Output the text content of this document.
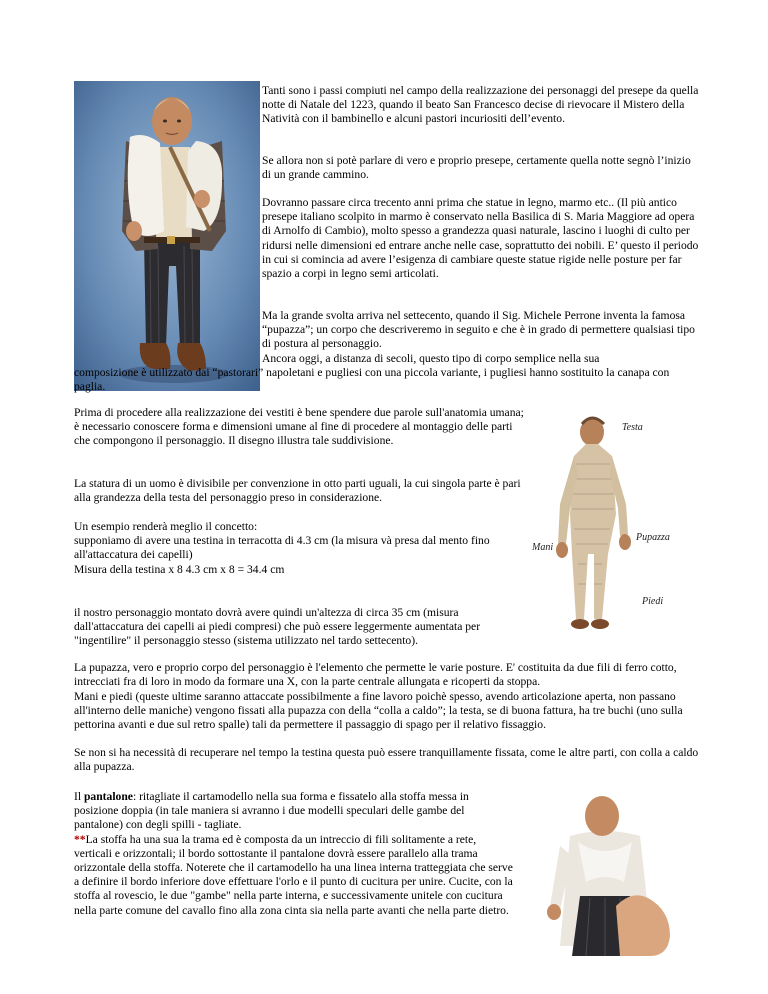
Tanti sono i passi compiuti nel campo della realizzazione dei personaggi del presepe da quella notte di Natale del 1223, quando il beato San Francesco decise di rievocare il Mistero della Natività con il bambinello e alcuni pastori incuriositi dell’evento.

Se allora non si potè parlare di vero e proprio presepe, certamente quella notte segnò l’inizio di un grande cammino.

Dovranno passare circa trecento anni prima che statue in legno, marmo etc.. (Il più antico presepe italiano scolpito in marmo è conservato nella Basilica di S. Maria Maggiore ad opera di Arnolfo di Cambio), molto spesso a grandezza quasi naturale, lascino i luoghi di culto per ridursi nelle dimensioni ed entrare anche nelle case, soprattutto dei nobili. E’ questo il periodo in cui si comincia ad avere l’esigenza di cambiare queste statue rigide nelle posture per far spazio a corpi in legno semi articolati.

Ma la grande svolta arriva nel settecento, quando il Sig. Michele Perrone inventa la famosa “pupazza”; un corpo che descriveremo in seguito e che è in grado di permettere qualsiasi tipo di postura al personaggio.

Ancora oggi, a distanza di secoli, questo tipo di corpo semplice nella sua

composizione è utilizzato dai “pastorari” napoletani e pugliesi con una piccola variante, i pugliesi hanno sostituito la canapa con paglia.

Prima di procedere alla realizzazione dei vestiti è bene spendere due parole sull'anatomia umana; è necessario conoscere forma e dimensioni umane al fine di procedere al montaggio delle parti che compongono il personaggio. Il disegno illustra tale suddivisione.

La statura di un uomo è divisibile per convenzione in otto parti uguali, la cui singola parte è pari alla grandezza della testa del personaggio preso in considerazione.

Un esempio renderà meglio il concetto:
supponiamo di avere una testina in terracotta di 4.3 cm (la misura và presa dal mento fino all'attaccatura dei capelli)
Misura della testina x 8 4.3 cm x 8 = 34.4 cm

il nostro personaggio montato dovrà avere quindi un'altezza di circa 35 cm (misura dall'attaccatura dei capelli ai piedi compresi) che può essere leggermente aumentata per "ingentilire" il personaggio stesso (sistema utilizzato nel tardo settecento).

Testa
Mani
Pupazza
Piedi

La pupazza, vero e proprio corpo del personaggio è l'elemento che permette le varie posture. E' costituita da due fili di ferro cotto, intrecciati fra di loro in modo da formare una X, con la parte centrale allungata e ricoperti da stoppa.

Mani e piedi (queste ultime saranno attaccate possibilmente a fine lavoro poichè spesso, avendo articolazione aperta, non passano all'interno delle maniche) vengono fissati alla pupazza con della “colla a caldo”; la testa, se di buona fattura, ha tre buchi (uno sulla pettorina avanti e due sul retro spalle) tali da permettere il passaggio di spago per il relativo fissaggio.

Se non si ha necessità di recuperare nel tempo la testina questa può essere tranquillamente fissata, come le altre parti, con colla a caldo alla pupazza.

Il pantalone: ritagliate il cartamodello nella sua forma e fissatelo alla stoffa messa in posizione doppia (in tale maniera si avranno i due modelli speculari delle gambe del pantalone) con degli spilli - tagliate.
**La stoffa ha una sua la trama ed è composta da un intreccio di fili solitamente a rete, verticali e orizzontali; il bordo sottostante il pantalone dovrà essere parallelo alla trama orizzontale della stoffa. Noterete che il cartamodello ha una linea interna tratteggiata che serve a definire il bordo inferiore dove effettuare l'orlo e il punto di cucitura per unire. Cucite, con la stoffa al rovescio, le due "gambe" nella parte interna, e successivamente unitele con cucitura nella parte comune del cavallo fino alla zona cinta sia nella parte avanti che nella parte dietro.
